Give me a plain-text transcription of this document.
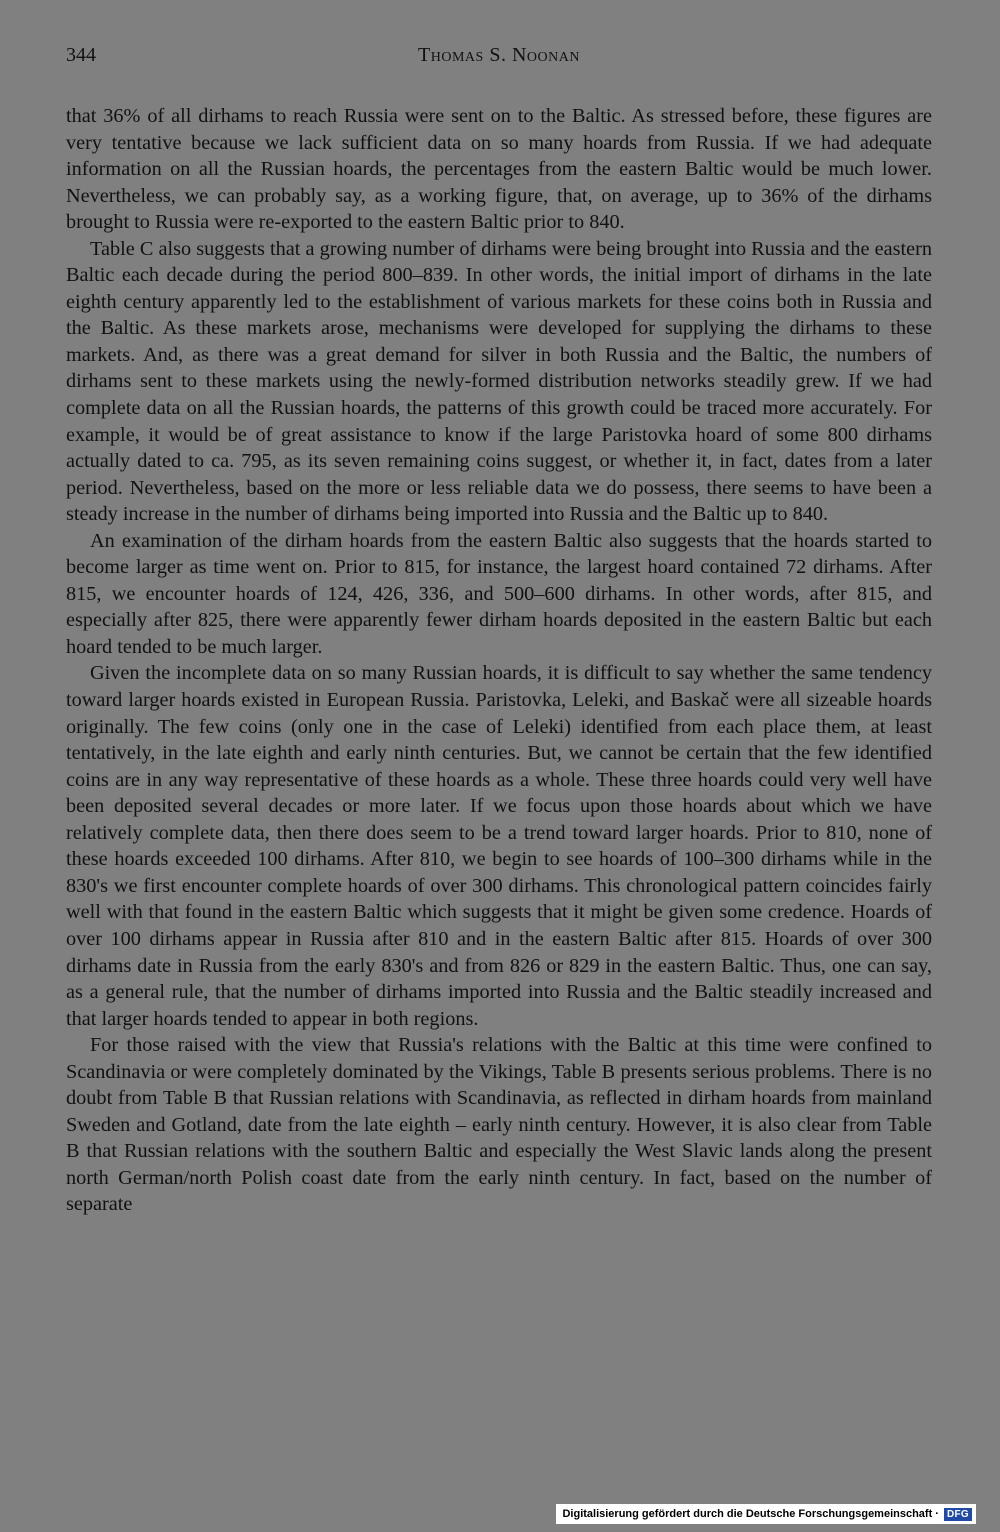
344	Thomas S. Noonan

that 36% of all dirhams to reach Russia were sent on to the Baltic. As stressed before, these figures are very tentative because we lack sufficient data on so many hoards from Russia. If we had adequate information on all the Russian hoards, the percentages from the eastern Baltic would be much lower. Nevertheless, we can probably say, as a working figure, that, on average, up to 36% of the dirhams brought to Russia were re-exported to the eastern Baltic prior to 840.

Table C also suggests that a growing number of dirhams were being brought into Russia and the eastern Baltic each decade during the period 800–839. In other words, the initial import of dirhams in the late eighth century apparently led to the establishment of various markets for these coins both in Russia and the Baltic. As these markets arose, mechanisms were developed for supplying the dirhams to these markets. And, as there was a great demand for silver in both Russia and the Baltic, the numbers of dirhams sent to these markets using the newly-formed distribution networks steadily grew. If we had complete data on all the Russian hoards, the patterns of this growth could be traced more accurately. For example, it would be of great assistance to know if the large Paristovka hoard of some 800 dirhams actually dated to ca. 795, as its seven remaining coins suggest, or whether it, in fact, dates from a later period. Nevertheless, based on the more or less reliable data we do possess, there seems to have been a steady increase in the number of dirhams being imported into Russia and the Baltic up to 840.

An examination of the dirham hoards from the eastern Baltic also suggests that the hoards started to become larger as time went on. Prior to 815, for instance, the largest hoard contained 72 dirhams. After 815, we encounter hoards of 124, 426, 336, and 500–600 dirhams. In other words, after 815, and especially after 825, there were apparently fewer dirham hoards deposited in the eastern Baltic but each hoard tended to be much larger.

Given the incomplete data on so many Russian hoards, it is difficult to say whether the same tendency toward larger hoards existed in European Russia. Paristovka, Leleki, and Baskač were all sizeable hoards originally. The few coins (only one in the case of Leleki) identified from each place them, at least tentatively, in the late eighth and early ninth centuries. But, we cannot be certain that the few identified coins are in any way representative of these hoards as a whole. These three hoards could very well have been deposited several decades or more later. If we focus upon those hoards about which we have relatively complete data, then there does seem to be a trend toward larger hoards. Prior to 810, none of these hoards exceeded 100 dirhams. After 810, we begin to see hoards of 100–300 dirhams while in the 830's we first encounter complete hoards of over 300 dirhams. This chronological pattern coincides fairly well with that found in the eastern Baltic which suggests that it might be given some credence. Hoards of over 100 dirhams appear in Russia after 810 and in the eastern Baltic after 815. Hoards of over 300 dirhams date in Russia from the early 830's and from 826 or 829 in the eastern Baltic. Thus, one can say, as a general rule, that the number of dirhams imported into Russia and the Baltic steadily increased and that larger hoards tended to appear in both regions.

For those raised with the view that Russia's relations with the Baltic at this time were confined to Scandinavia or were completely dominated by the Vikings, Table B presents serious problems. There is no doubt from Table B that Russian relations with Scandinavia, as reflected in dirham hoards from mainland Sweden and Gotland, date from the late eighth – early ninth century. However, it is also clear from Table B that Russian relations with the southern Baltic and especially the West Slavic lands along the present north German/north Polish coast date from the early ninth century. In fact, based on the number of separate

Digitalisierung gefördert durch die Deutsche Forschungsgemeinschaft · DFG
